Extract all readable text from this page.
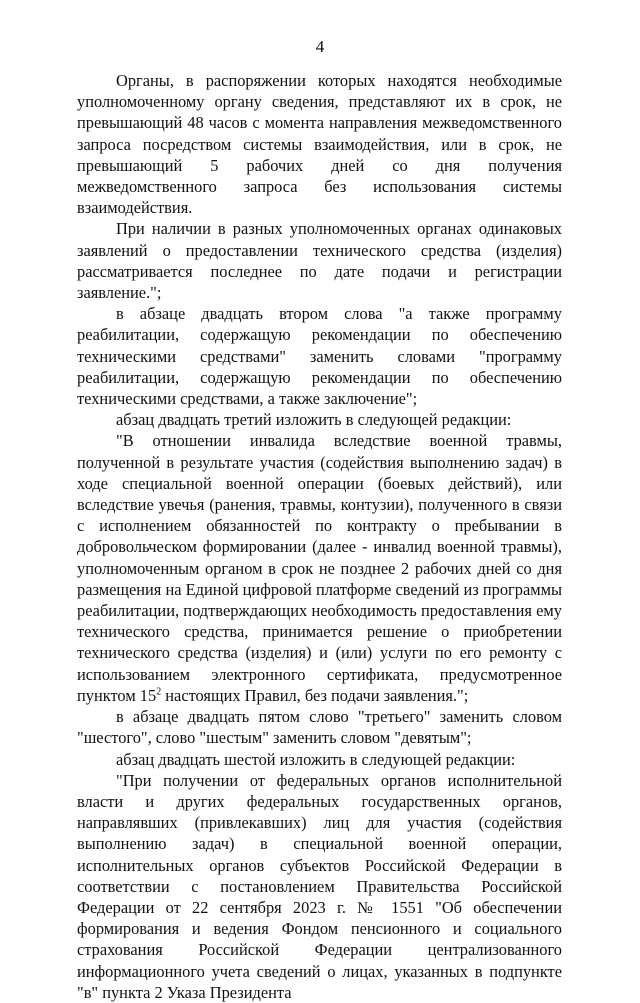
4

Органы, в распоряжении которых находятся необходимые уполномоченному органу сведения, представляют их в срок, не превышающий 48 часов с момента направления межведомственного запроса посредством системы взаимодействия, или в срок, не превышающий 5 рабочих дней со дня получения межведомственного запроса без использования системы взаимодействия.

При наличии в разных уполномоченных органах одинаковых заявлений о предоставлении технического средства (изделия) рассматривается последнее по дате подачи и регистрации заявление.";

в абзаце двадцать втором слова "а также программу реабилитации, содержащую рекомендации по обеспечению техническими средствами" заменить словами "программу реабилитации, содержащую рекомендации по обеспечению техническими средствами, а также заключение";

абзац двадцать третий изложить в следующей редакции:

"В отношении инвалида вследствие военной травмы, полученной в результате участия (содействия выполнению задач) в ходе специальной военной операции (боевых действий), или вследствие увечья (ранения, травмы, контузии), полученного в связи с исполнением обязанностей по контракту о пребывании в добровольческом формировании (далее - инвалид военной травмы), уполномоченным органом в срок не позднее 2 рабочих дней со дня размещения на Единой цифровой платформе сведений из программы реабилитации, подтверждающих необходимость предоставления ему технического средства, принимается решение о приобретении технического средства (изделия) и (или) услуги по его ремонту с использованием электронного сертификата, предусмотренное пунктом $15^2$ настоящих Правил, без подачи заявления.";

в абзаце двадцать пятом слово "третьего" заменить словом "шестого", слово "шестым" заменить словом "девятым";

абзац двадцать шестой изложить в следующей редакции:

"При получении от федеральных органов исполнительной власти и других федеральных государственных органов, направлявших (привлекавших) лиц для участия (содействия выполнению задач) в специальной военной операции, исполнительных органов субъектов Российской Федерации в соответствии с постановлением Правительства Российской Федерации от 22 сентября 2023 г. № 1551 "Об обеспечении формирования и ведения Фондом пенсионного и социального страхования Российской Федерации централизованного информационного учета сведений о лицах, указанных в подпункте "в" пункта 2 Указа Президента
